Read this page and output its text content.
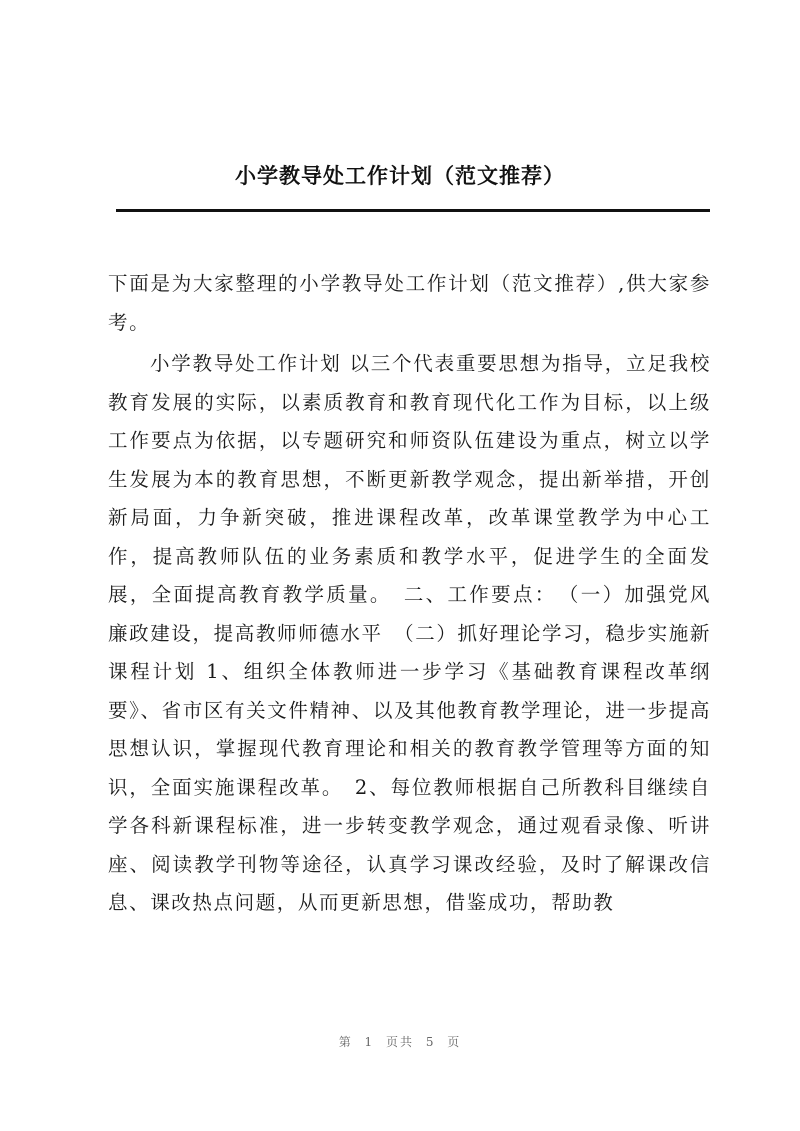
小学教导处工作计划（范文推荐）

下面是为大家整理的小学教导处工作计划（范文推荐）,供大家参考。

小学教导处工作计划 以三个代表重要思想为指导，立足我校教育发展的实际，以素质教育和教育现代化工作为目标，以上级工作要点为依据，以专题研究和师资队伍建设为重点，树立以学生发展为本的教育思想，不断更新教学观念，提出新举措，开创新局面，力争新突破，推进课程改革，改革课堂教学为中心工作，提高教师队伍的业务素质和教学水平，促进学生的全面发展，全面提高教育教学质量。　二、工作要点：　（一）加强党风廉政建设，提高教师师德水平　（二）抓好理论学习，稳步实施新课程计划 1、组织全体教师进一步学习《基础教育课程改革纲要》、省市区有关文件精神、以及其他教育教学理论，进一步提高思想认识，掌握现代教育理论和相关的教育教学管理等方面的知识，全面实施课程改革。　2、每位教师根据自己所教科目继续自学各科新课程标准，进一步转变教学观念，通过观看录像、听讲座、阅读教学刊物等途径，认真学习课改经验，及时了解课改信息、课改热点问题，从而更新思想，借鉴成功，帮助教

第 1 页共 5 页
